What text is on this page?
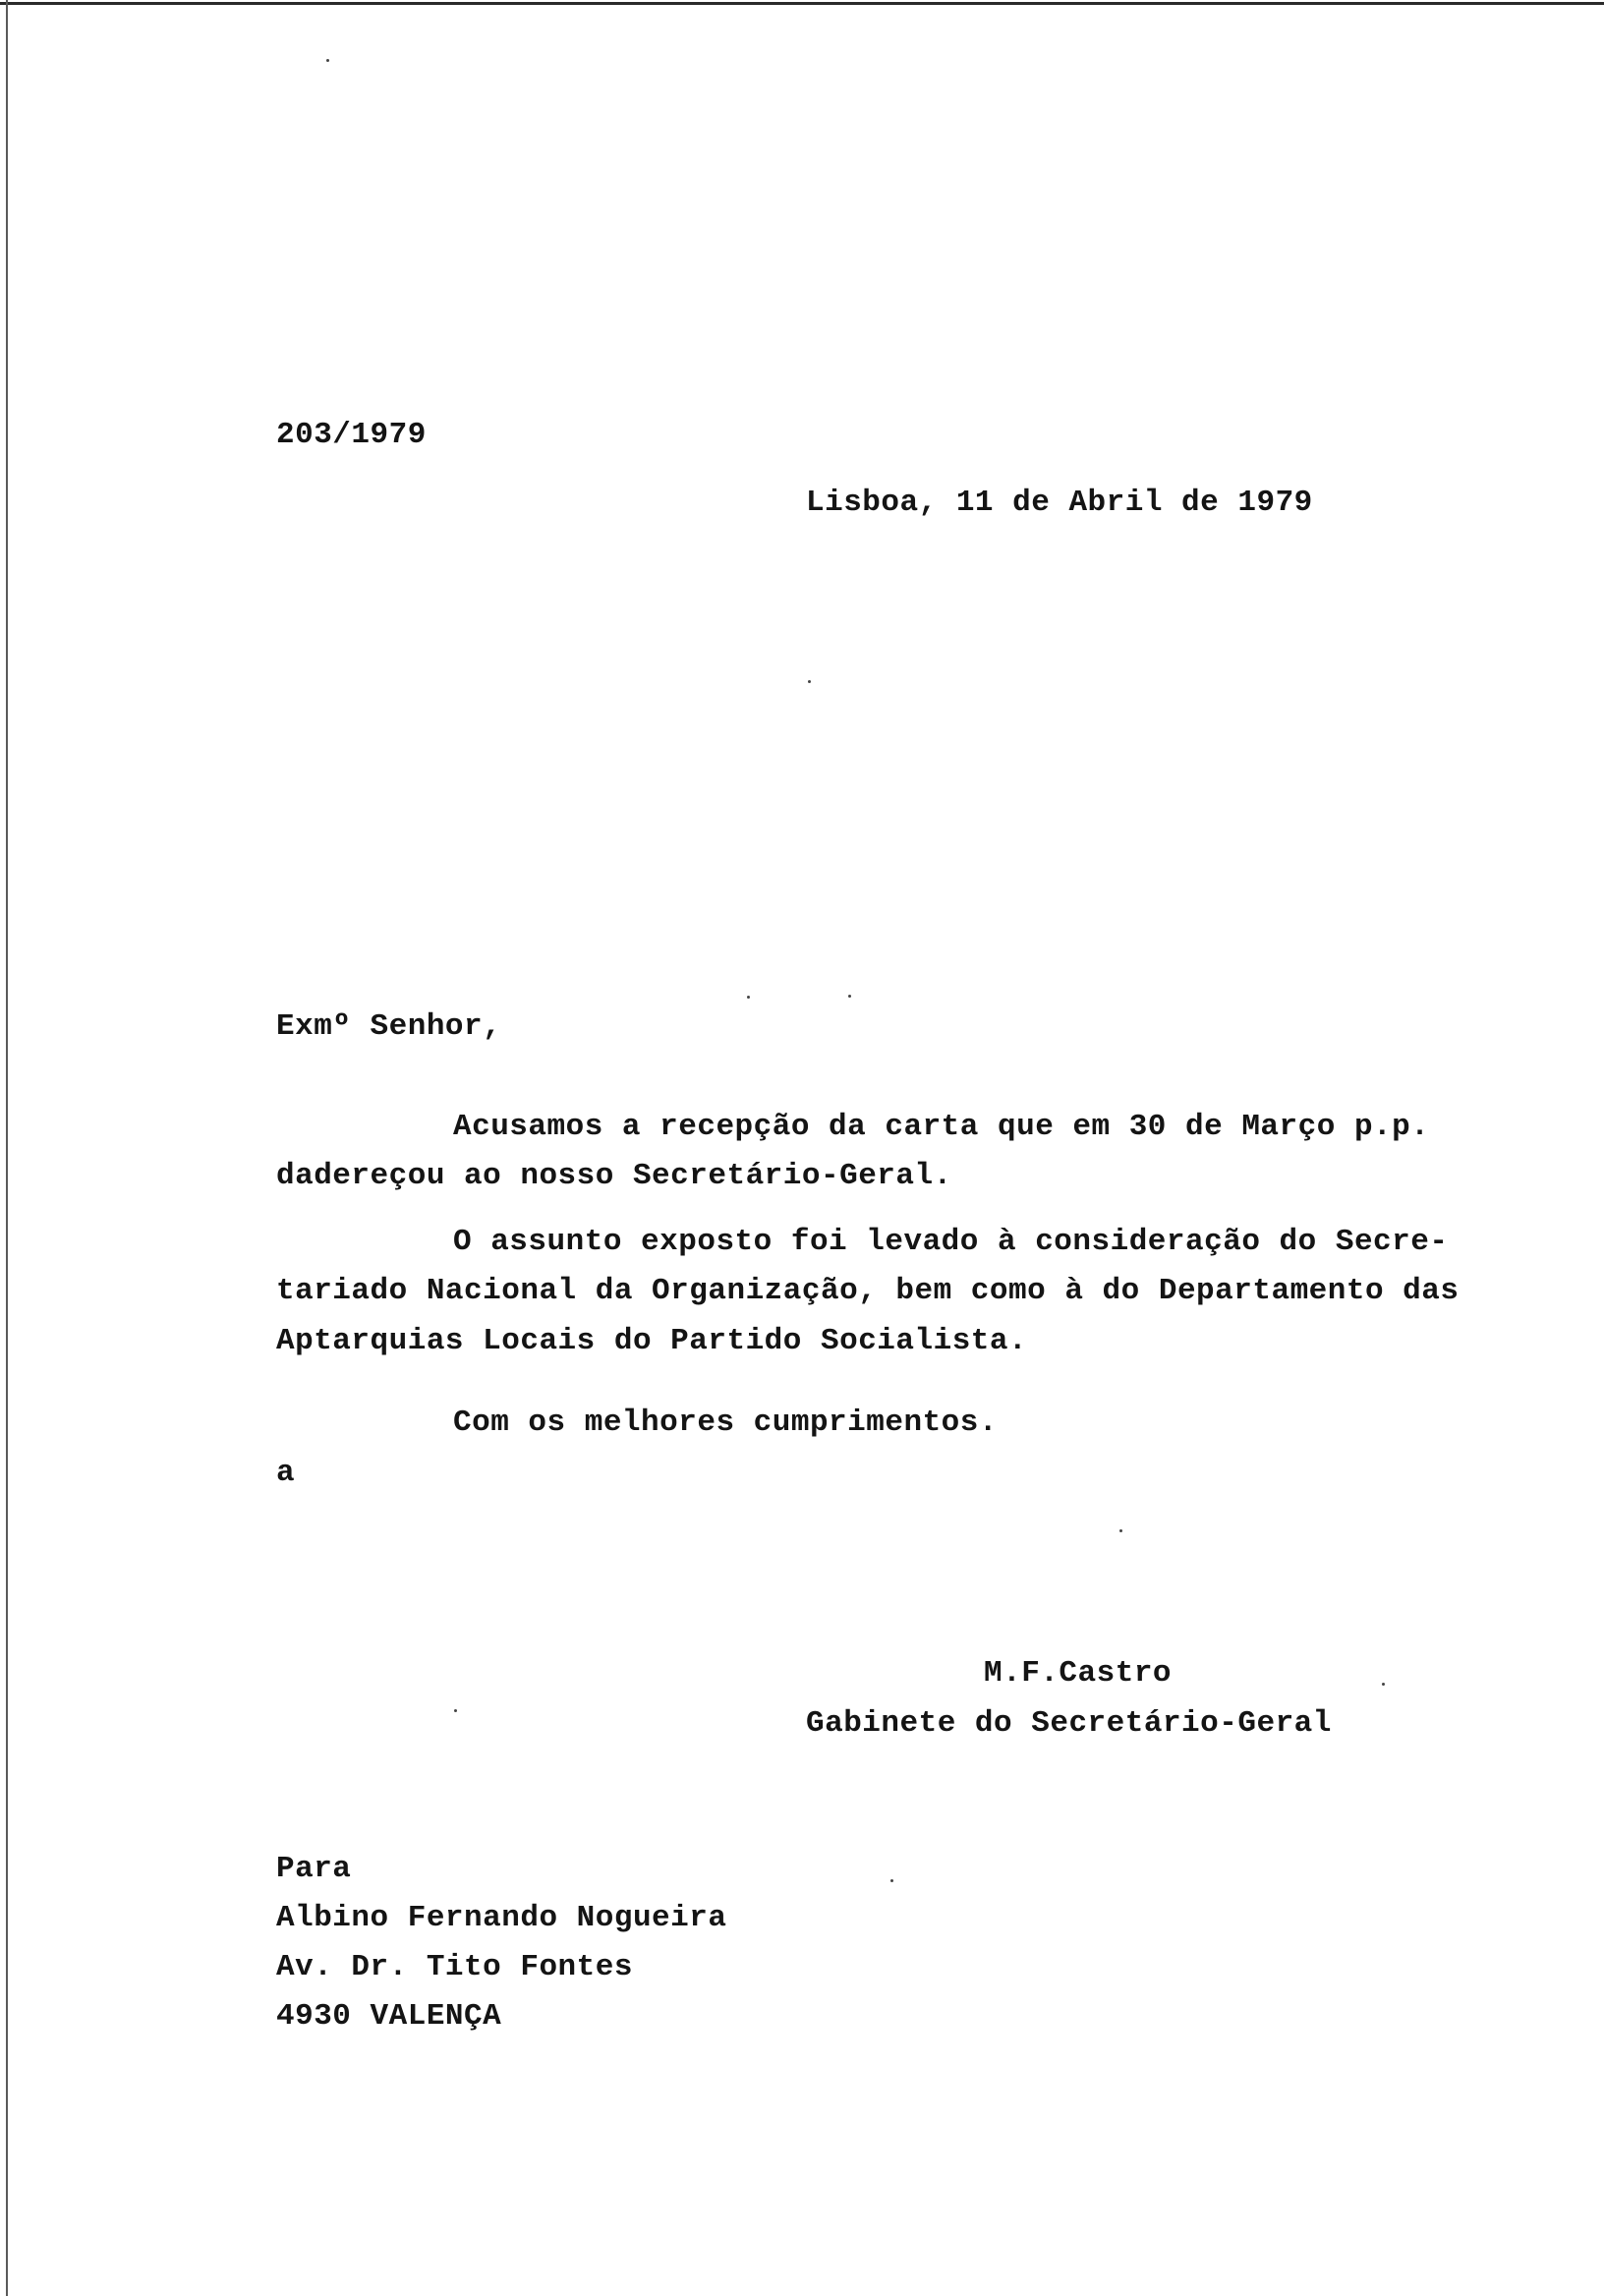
203/1979
Lisboa, 11 de Abril de 1979
Exmº Senhor,
Acusamos a recepção da carta que em 30 de Março p.p.
dadereçou ao nosso Secretário-Geral.
O assunto exposto foi levado à consideração do Secre-
tariado Nacional da Organização, bem como à do Departamento das
Aptarquias Locais do Partido Socialista.
Com os melhores cumprimentos.
a
M.F.Castro
Gabinete do Secretário-Geral
Para
Albino Fernando Nogueira
Av. Dr. Tito Fontes
4930 VALENÇA
